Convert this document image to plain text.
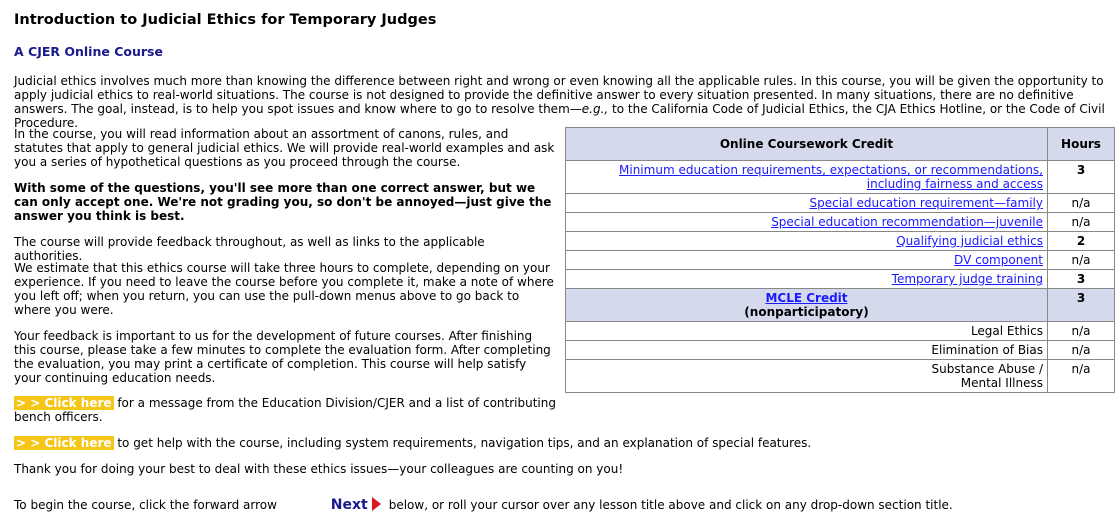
Introduction to Judicial Ethics for Temporary Judges
A CJER Online Course

Judicial ethics involves much more than knowing the difference between right and wrong or even knowing all the applicable rules. In this course, you will be given the opportunity to apply judicial ethics to real-world situations. The course is not designed to provide the definitive answer to every situation presented. In many situations, there are no definitive answers. The goal, instead, is to help you spot issues and know where to go to resolve them—e.g., to the California Code of Judicial Ethics, the CJA Ethics Hotline, or the Code of Civil Procedure.

In the course, you will read information about an assortment of canons, rules, and statutes that apply to general judicial ethics. We will provide real-world examples and ask you a series of hypothetical questions as you proceed through the course.

With some of the questions, you'll see more than one correct answer, but we can only accept one. We're not grading you, so don't be annoyed—just give the answer you think is best.

The course will provide feedback throughout, as well as links to the applicable authorities.

We estimate that this ethics course will take three hours to complete, depending on your experience. If you need to leave the course before you complete it, make a note of where you left off; when you return, you can use the pull-down menus above to go back to where you were.

Your feedback is important to us for the development of future courses. After finishing this course, please take a few minutes to complete the evaluation form. After completing the evaluation, you may print a certificate of completion. This course will help satisfy your continuing education needs.

> > Click here for a message from the Education Division/CJER and a list of contributing bench officers.

> > Click here to get help with the course, including system requirements, navigation tips, and an explanation of special features.

Thank you for doing your best to deal with these ethics issues—your colleagues are counting on you!

To begin the course, click the forward arrow	Next below, or roll your cursor over any lesson title above and click on any drop-down section title.
Online Coursework Credit	Hours
Minimum education requirements, expectations, or recommendations, including fairness and access	3
Special education requirement—family	n/a
Special education recommendation—juvenile	n/a
Qualifying judicial ethics	2
DV component	n/a
Temporary judge training	3
MCLE Credit
(nonparticipatory)	3
Legal Ethics	n/a
Elimination of Bias	n/a
Substance Abuse / Mental Illness	n/a
